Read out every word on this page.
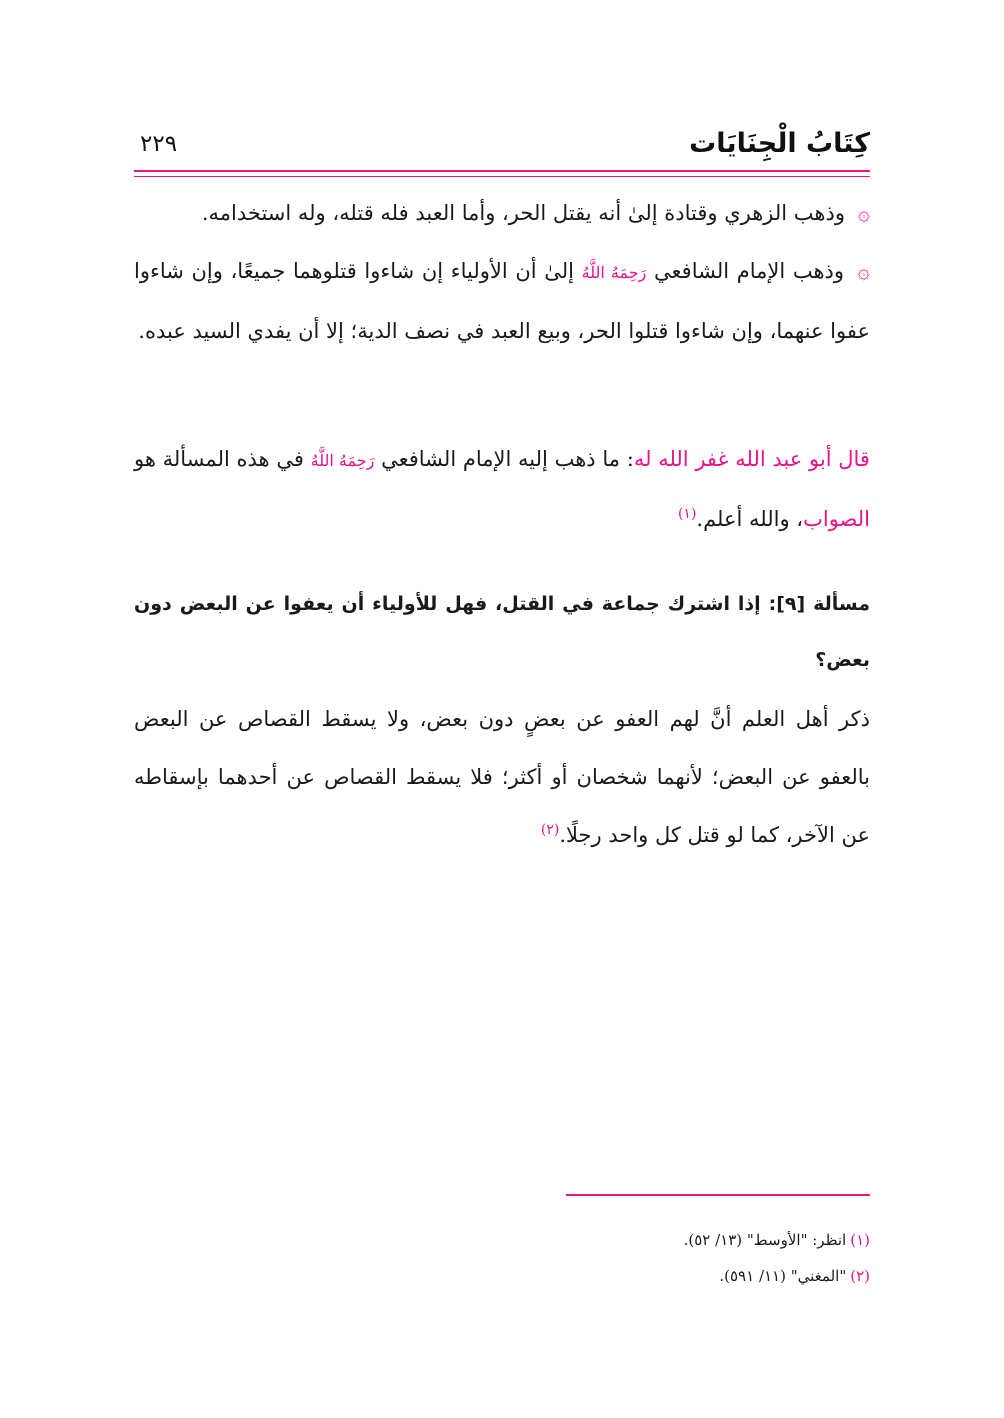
كِتَابُ الْجِنَايَات
٢٢٩

۞ وذهب الزهري وقتادة إلىٰ أنه يقتل الحر، وأما العبد فله قتله، وله استخدامه.

۞ وذهب الإمام الشافعي رَحِمَهُ اللَّهُ إلىٰ أن الأولياء إن شاءوا قتلوهما جميعًا، وإن شاءوا عفوا عنهما، وإن شاءوا قتلوا الحر، وبيع العبد في نصف الدية؛ إلا أن يفدي السيد عبده.

قال أبو عبد الله غفر الله له: ما ذهب إليه الإمام الشافعي رَحِمَهُ اللَّهُ في هذه المسألة هو الصواب، والله أعلم.$^{(١)}$

مسألة [٩]: إذا اشترك جماعة في القتل، فهل للأولياء أن يعفوا عن البعض دون بعض؟

ذكر أهل العلم أنَّ لهم العفو عن بعضٍ دون بعض، ولا يسقط القصاص عن البعض بالعفو عن البعض؛ لأنهما شخصان أو أكثر؛ فلا يسقط القصاص عن أحدهما بإسقاطه عن الآخر، كما لو قتل كل واحد رجلًا.$^{(٢)}$

(١)انظر: "الأوسط" (١٣/ ٥٢).
(٢)"المغني" (١١/ ٥٩١).
